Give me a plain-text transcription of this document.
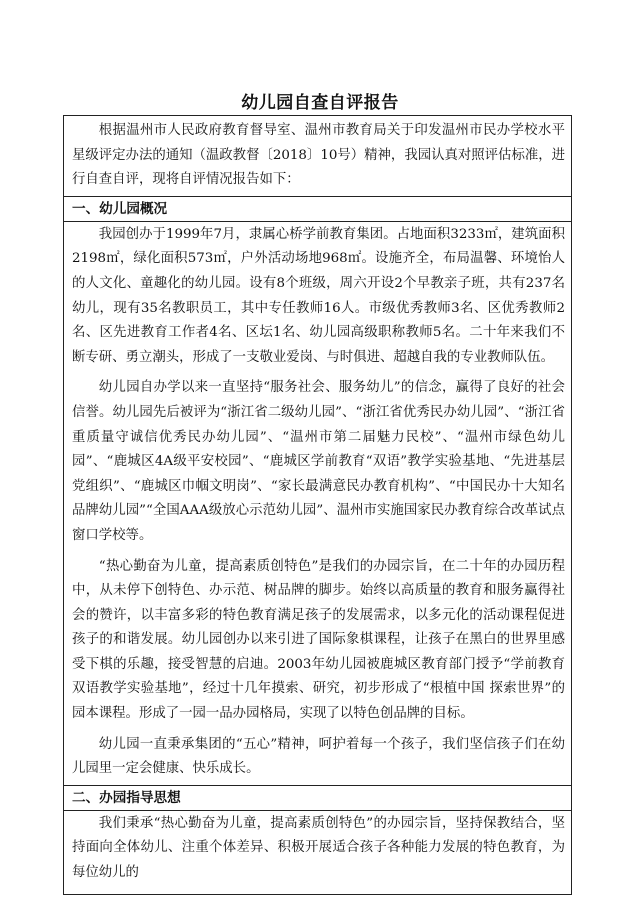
幼儿园自查自评报告

根据温州市人民政府教育督导室、温州市教育局关于印发温州市民办学校水平星级评定办法的通知（温政教督〔2018〕10号）精神，我园认真对照评估标准，进行自查自评，现将自评情况报告如下：

一、幼儿园概况

我园创办于1999年7月，隶属心桥学前教育集团。占地面积3233㎡，建筑面积2198㎡，绿化面积573㎡，户外活动场地968㎡。设施齐全，布局温馨、环境怡人的人文化、童趣化的幼儿园。设有8个班级，周六开设2个早教亲子班，共有237名幼儿，现有35名教职员工，其中专任教师16人。市级优秀教师3名、区优秀教师2名、区先进教育工作者4名、区坛1名、幼儿园高级职称教师5名。二十年来我们不断专研、勇立潮头，形成了一支敬业爱岗、与时俱进、超越自我的专业教师队伍。

幼儿园自办学以来一直坚持“服务社会、服务幼儿”的信念，赢得了良好的社会信誉。幼儿园先后被评为“浙江省二级幼儿园”、“浙江省优秀民办幼儿园”、“浙江省重质量守诚信优秀民办幼儿园”、“温州市第二届魅力民校”、“温州市绿色幼儿园”、“鹿城区4A级平安校园”、“鹿城区学前教育“双语”教学实验基地、“先进基层党组织”、“鹿城区巾帼文明岗”、“家长最满意民办教育机构”、“中国民办十大知名品牌幼儿园”“全国AAA级放心示范幼儿园”、温州市实施国家民办教育综合改革试点窗口学校等。

“热心勤奋为儿童，提高素质创特色”是我们的办园宗旨，在二十年的办园历程中，从未停下创特色、办示范、树品牌的脚步。始终以高质量的教育和服务赢得社会的赞许，以丰富多彩的特色教育满足孩子的发展需求，以多元化的活动课程促进孩子的和谐发展。幼儿园创办以来引进了国际象棋课程，让孩子在黑白的世界里感受下棋的乐趣，接受智慧的启迪。2003年幼儿园被鹿城区教育部门授予“学前教育双语教学实验基地”，经过十几年摸索、研究，初步形成了“根植中国 探索世界”的园本课程。形成了一园一品办园格局，实现了以特色创品牌的目标。

幼儿园一直秉承集团的“五心”精神，呵护着每一个孩子，我们坚信孩子们在幼儿园里一定会健康、快乐成长。

二、办园指导思想

我们秉承“热心勤奋为儿童，提高素质创特色”的办园宗旨，坚持保教结合，坚持面向全体幼儿、注重个体差异、积极开展适合孩子各种能力发展的特色教育，为每位幼儿的
